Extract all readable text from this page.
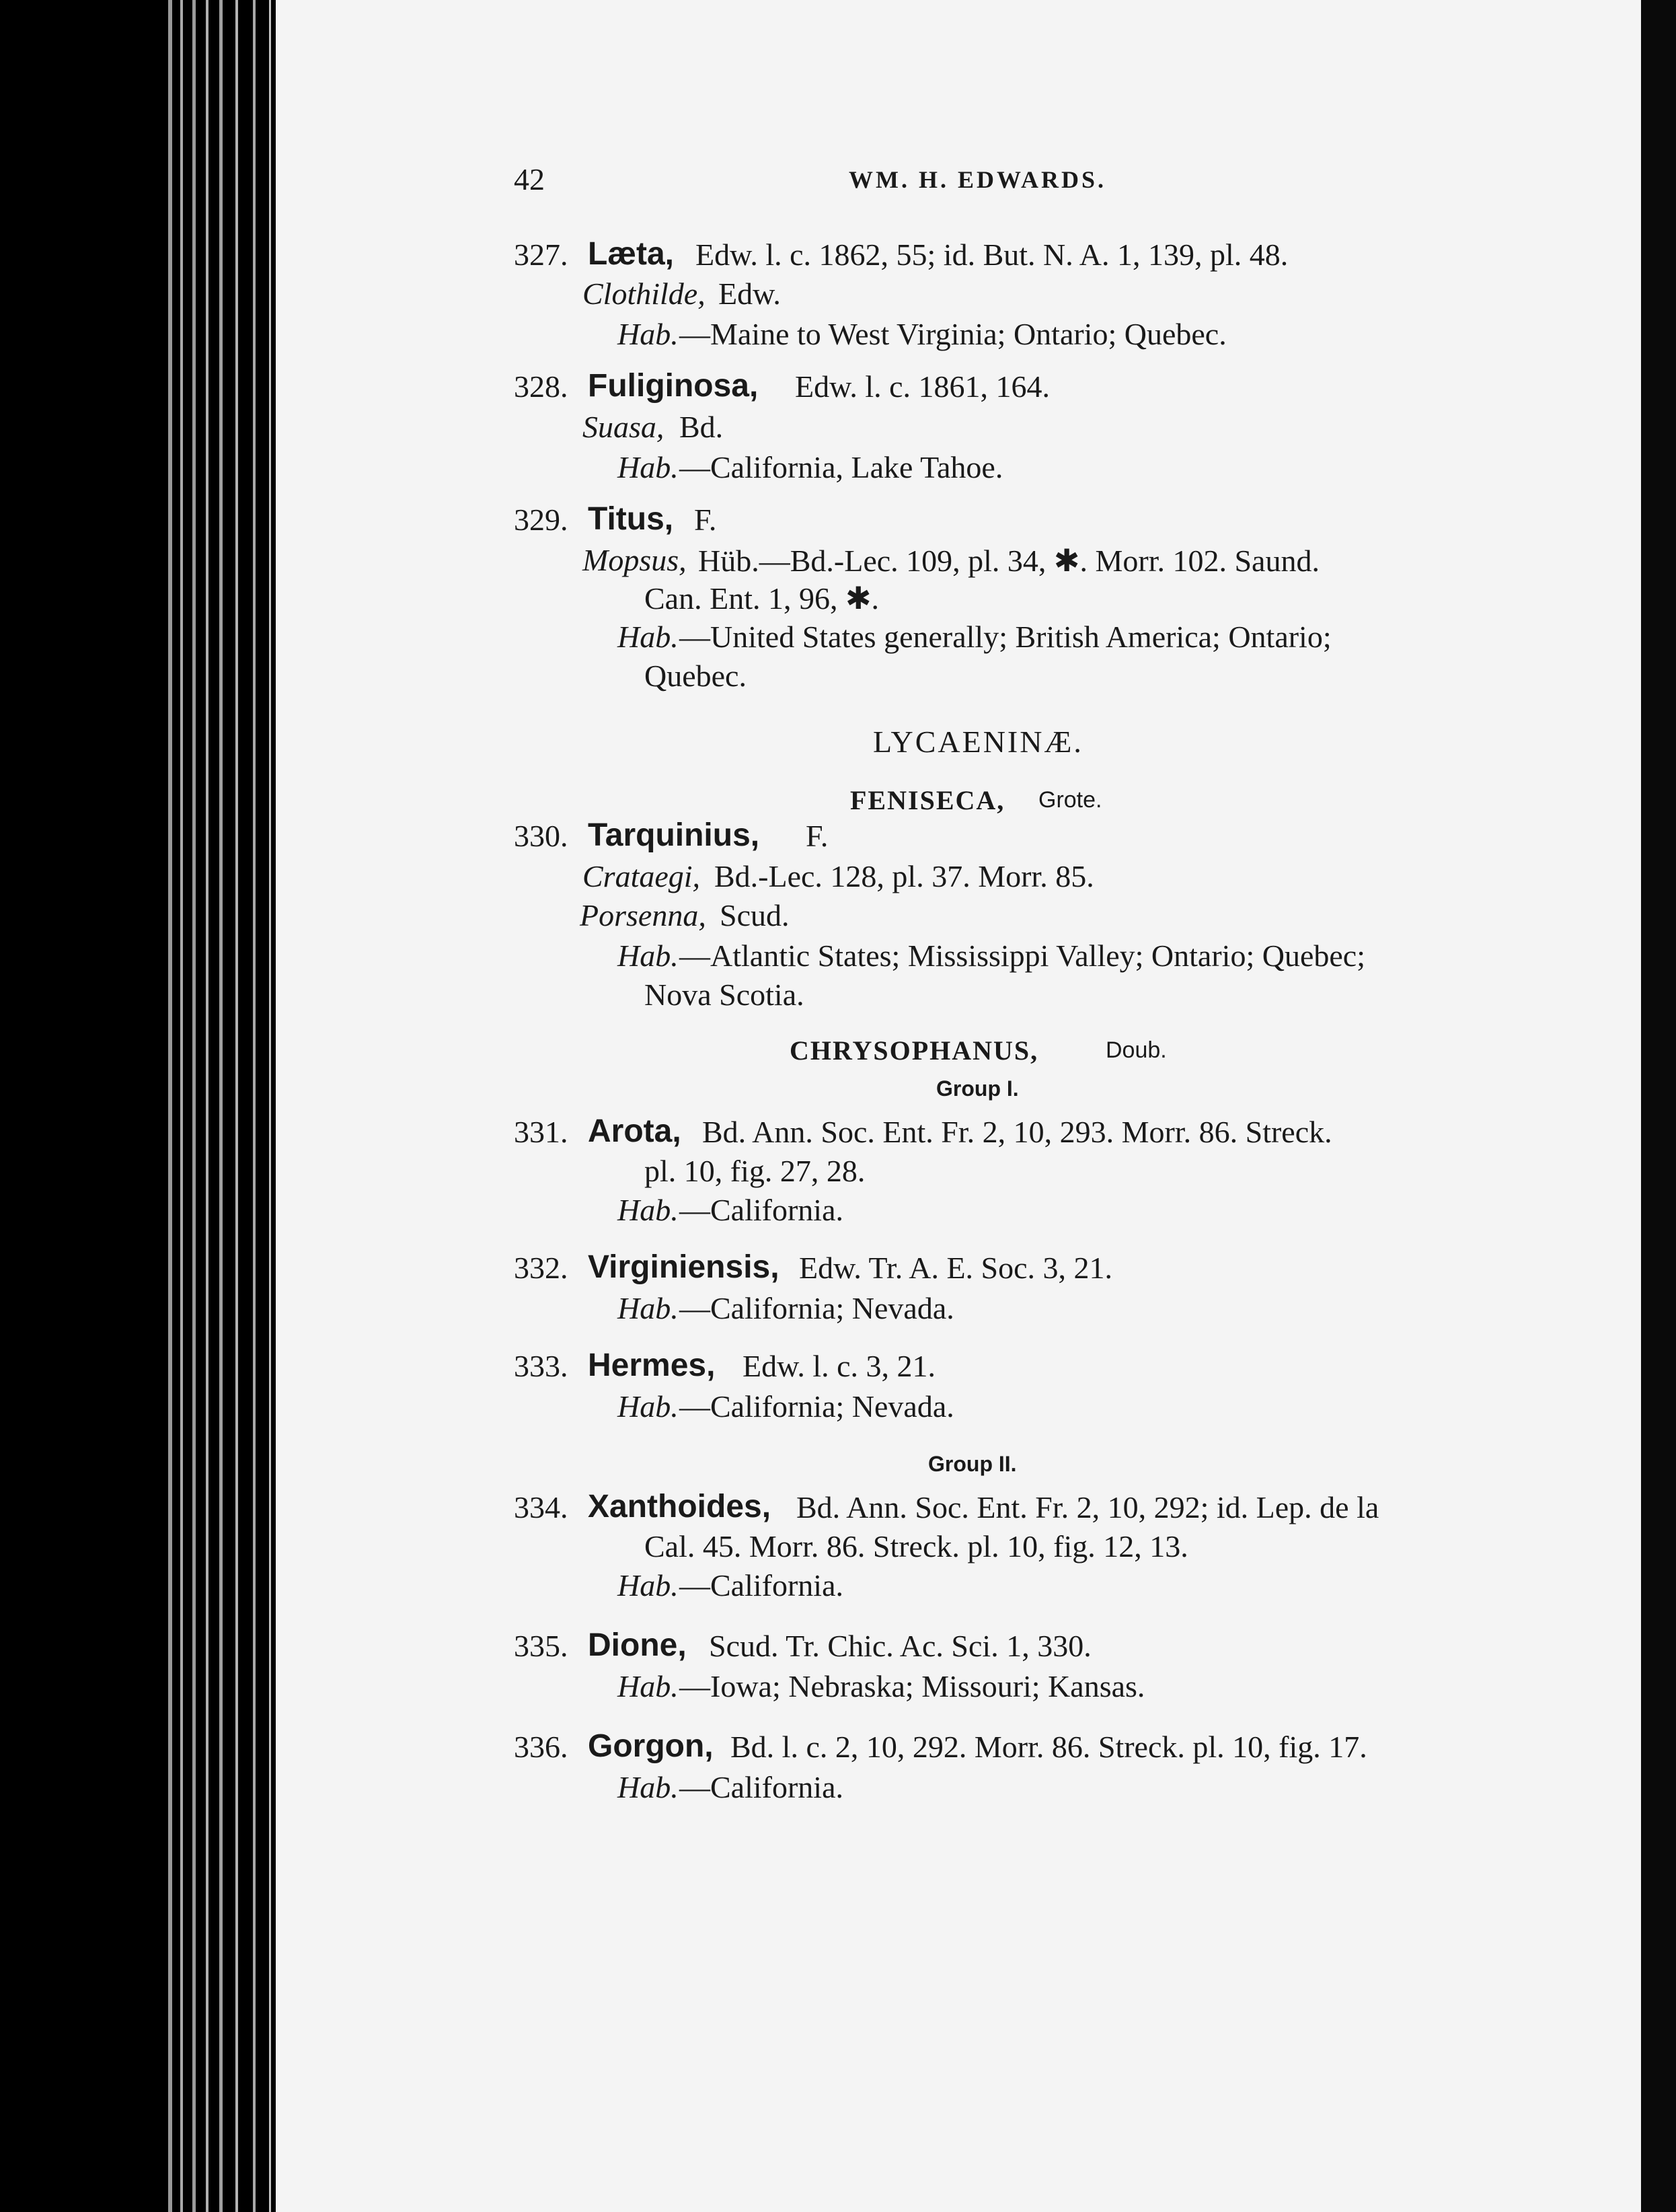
42	WM. H. EDWARDS.
327. Læta, Edw. l. c. 1862, 55; id. But. N. A. 1, 139, pl. 48.
Clothilde, Edw.
Hab. —Maine to West Virginia; Ontario; Quebec.
328. Fuliginosa, Edw. l. c. 1861, 164.
Suasa, Bd.
Hab. —California, Lake Tahoe.
329. Titus, F.
Mopsus, Hüb.—Bd.-Lec. 109, pl. 34, ✱. Morr. 102. Saund.
Can. Ent. 1, 96, ✱.
Hab. —United States generally; British America; Ontario;
Quebec.
LYCAENINÆ.
FENISECA, Grote.
330. Tarquinius, F.
Crataegi, Bd.-Lec. 128, pl. 37. Morr. 85.
Porsenna, Scud.
Hab. —Atlantic States; Mississippi Valley; Ontario; Quebec;
Nova Scotia.
CHRYSOPHANUS,	Doub.
Group I.
331. Arota, Bd. Ann. Soc. Ent. Fr. 2, 10, 293. Morr. 86. Streck.
pl. 10, fig. 27, 28.
Hab. —California.
332. Virginiensis, Edw. Tr. A. E. Soc. 3, 21.
Hab. —California; Nevada.
333. Hermes, Edw. l. c. 3, 21.
Hab. —California; Nevada.
Group II.
334. Xanthoides, Bd. Ann. Soc. Ent. Fr. 2, 10, 292; id. Lep. de la
Cal. 45. Morr. 86. Streck. pl. 10, fig. 12, 13.
Hab. —California.
335. Dione, Scud. Tr. Chic. Ac. Sci. 1, 330.
Hab. —Iowa; Nebraska; Missouri; Kansas.
336. Gorgon, Bd. l. c. 2, 10, 292. Morr. 86. Streck. pl. 10, fig. 17.
Hab. —California.
